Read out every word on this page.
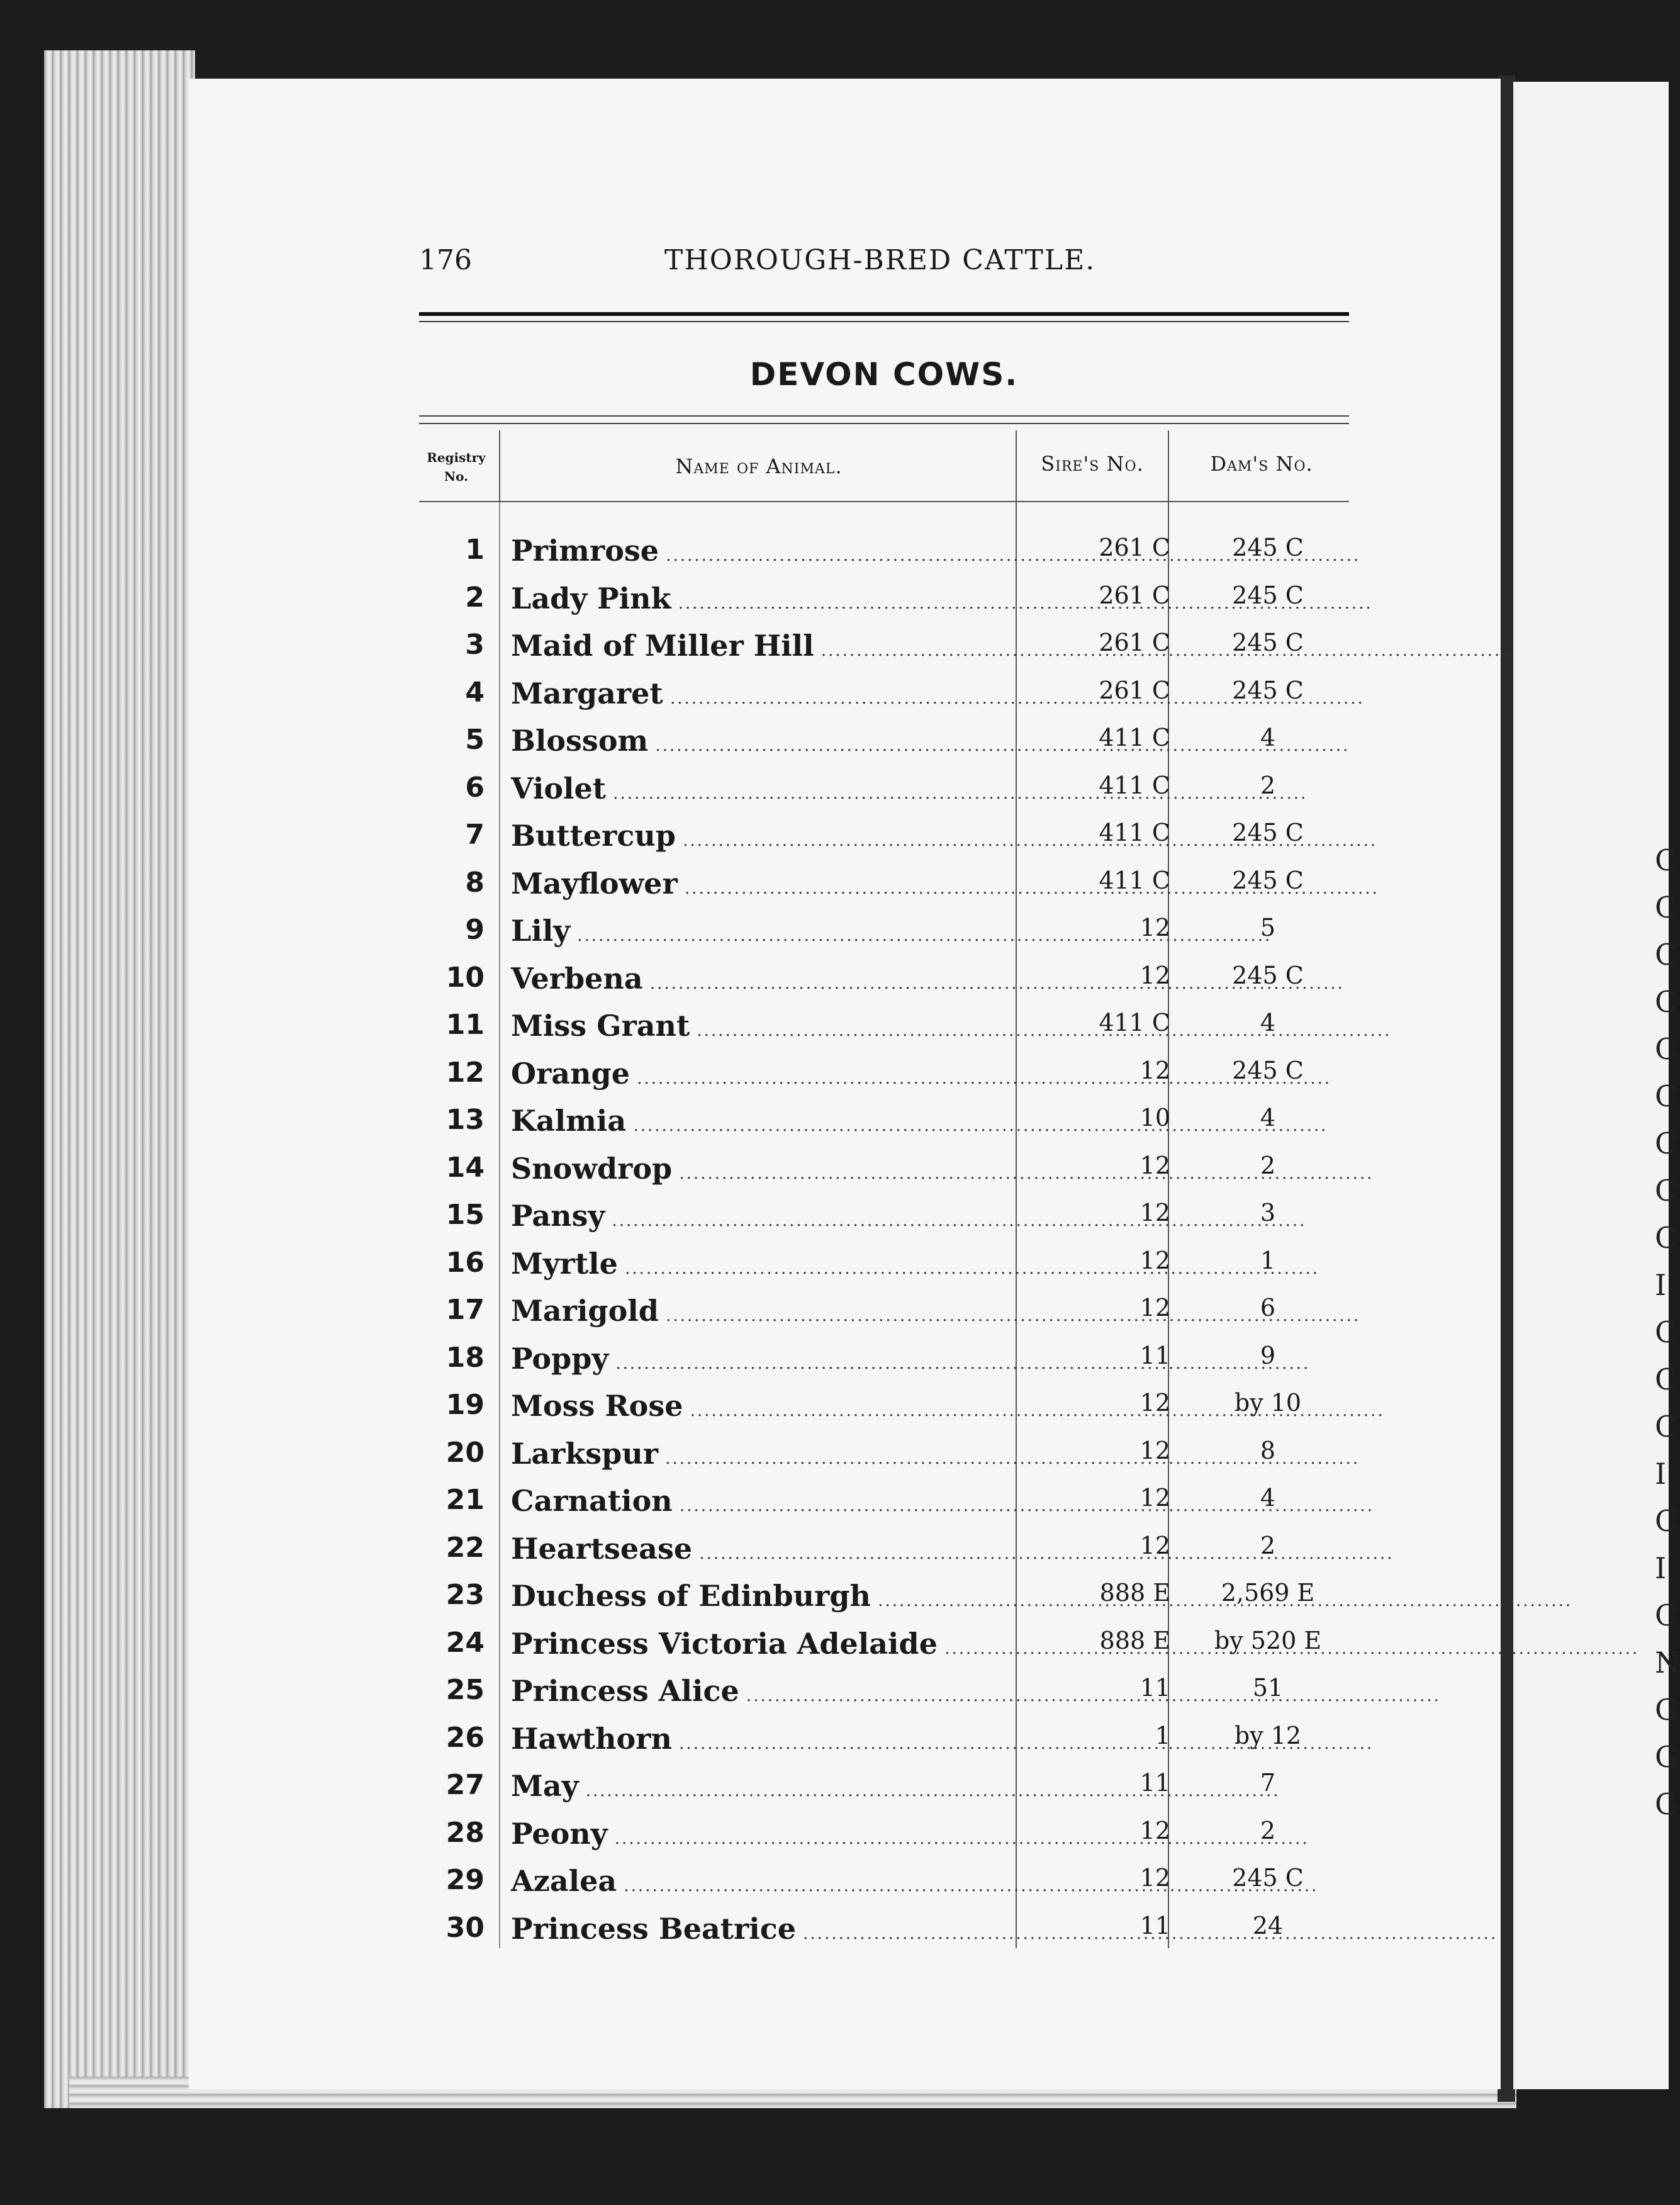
C
C
C
C
C
C
C
C
C
I
C
C
C
I
C
I
C
N
G
G
G
176	THOROUGH-BRED CATTLE.
DEVON COWS.
Registry No.	Name of Animal.	Sire's No.	Dam's No.
1 Primrose .....	261 C	245 C
2 Lady Pink .....	261 C	245 C
3 Maid of Miller Hill .....	261 C	245 C
4 Margaret .....	261 C	245 C
5 Blossom .....	411 C	4
6 Violet .....	411 C	2
7 Buttercup .....	411 C	245 C
8 Mayflower .....	411 C	245 C
9 Lily .....	12	5
10 Verbena .....	12	245 C
11 Miss Grant .....	411 C	4
12 Orange .....	12	245 C
13 Kalmia .....	10	4
14 Snowdrop .....	12	2
15 Pansy .....	12	3
16 Myrtle .....	12	1
17 Marigold .....	12	6
18 Poppy .....	11	9
19 Moss Rose .....	12	by 10
20 Larkspur .....	12	8
21 Carnation .....	12	4
22 Heartsease .....	12	2
23 Duchess of Edinburgh .....	888 E	2,569 E
24 Princess Victoria Adelaide .....	888 E	by 520 E
25 Princess Alice .....	11	51
26 Hawthorn .....	1	by 12
27 May .....	11	7
28 Peony .....	12	2
29 Azalea .....	12	245 C
30 Princess Beatrice .....	11	24
